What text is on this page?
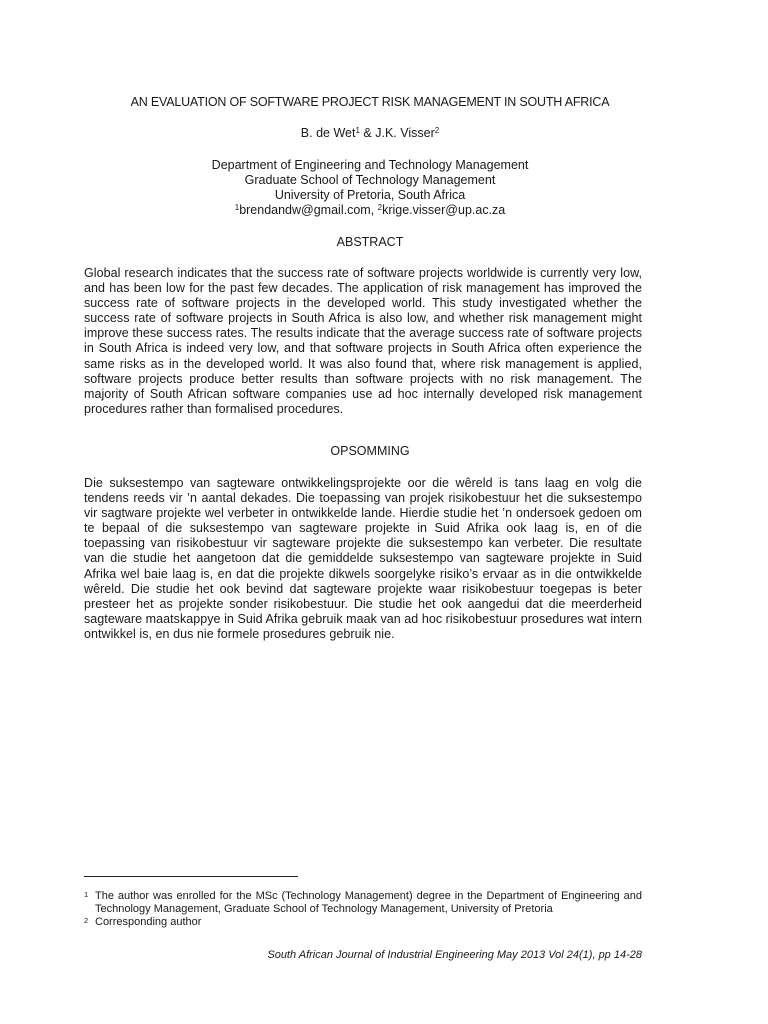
AN EVALUATION OF SOFTWARE PROJECT RISK MANAGEMENT IN SOUTH AFRICA
B. de Wet$^1$ & J.K. Visser$^2$
Department of Engineering and Technology Management
Graduate School of Technology Management
University of Pretoria, South Africa
$^1$brendandw@gmail.com, $^2$krige.visser@up.ac.za
ABSTRACT
Global research indicates that the success rate of software projects worldwide is currently very low, and has been low for the past few decades. The application of risk management has improved the success rate of software projects in the developed world. This study investigated whether the success rate of software projects in South Africa is also low, and whether risk management might improve these success rates. The results indicate that the average success rate of software projects in South Africa is indeed very low, and that software projects in South Africa often experience the same risks as in the developed world. It was also found that, where risk management is applied, software projects produce better results than software projects with no risk management. The majority of South African software companies use ad hoc internally developed risk management procedures rather than formalised procedures.
OPSOMMING
Die suksestempo van sagteware ontwikkelingsprojekte oor die wêreld is tans laag en volg die tendens reeds vir ’n aantal dekades. Die toepassing van projek risikobestuur het die suksestempo vir sagtware projekte wel verbeter in ontwikkelde lande. Hierdie studie het ’n ondersoek gedoen om te bepaal of die suksestempo van sagteware projekte in Suid Afrika ook laag is, en of die toepassing van risikobestuur vir sagteware projekte die suksestempo kan verbeter. Die resultate van die studie het aangetoon dat die gemiddelde suksestempo van sagteware projekte in Suid Afrika wel baie laag is, en dat die projekte dikwels soorgelyke risiko’s ervaar as in die ontwikkelde wêreld. Die studie het ook bevind dat sagteware projekte waar risikobestuur toegepas is beter presteer het as projekte sonder risikobestuur. Die studie het ook aangedui dat die meerderheid sagteware maatskappye in Suid Afrika gebruik maak van ad hoc risikobestuur prosedures wat intern ontwikkel is, en dus nie formele prosedures gebruik nie.
1 The author was enrolled for the MSc (Technology Management) degree in the Department of Engineering and Technology Management, Graduate School of Technology Management, University of Pretoria
2 Corresponding author
South African Journal of Industrial Engineering May 2013 Vol 24(1), pp 14-28
